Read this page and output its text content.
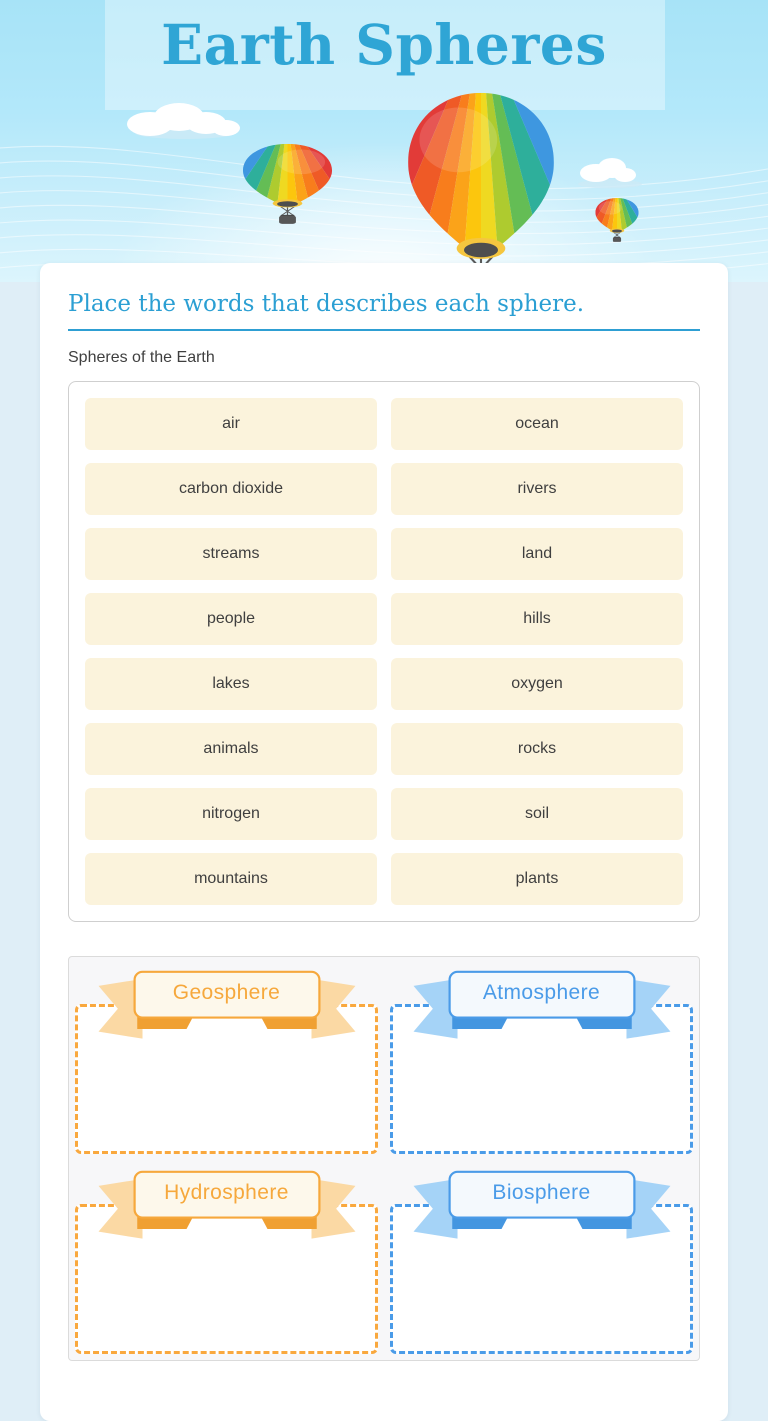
Earth Spheres
Place the words that describes each sphere.
Spheres of the Earth
air	ocean
carbon dioxide	rivers
streams	land
people	hills
lakes	oxygen
animals	rocks
nitrogen	soil
mountains	plants
Geosphere	Atmosphere
Hydrosphere	Biosphere
